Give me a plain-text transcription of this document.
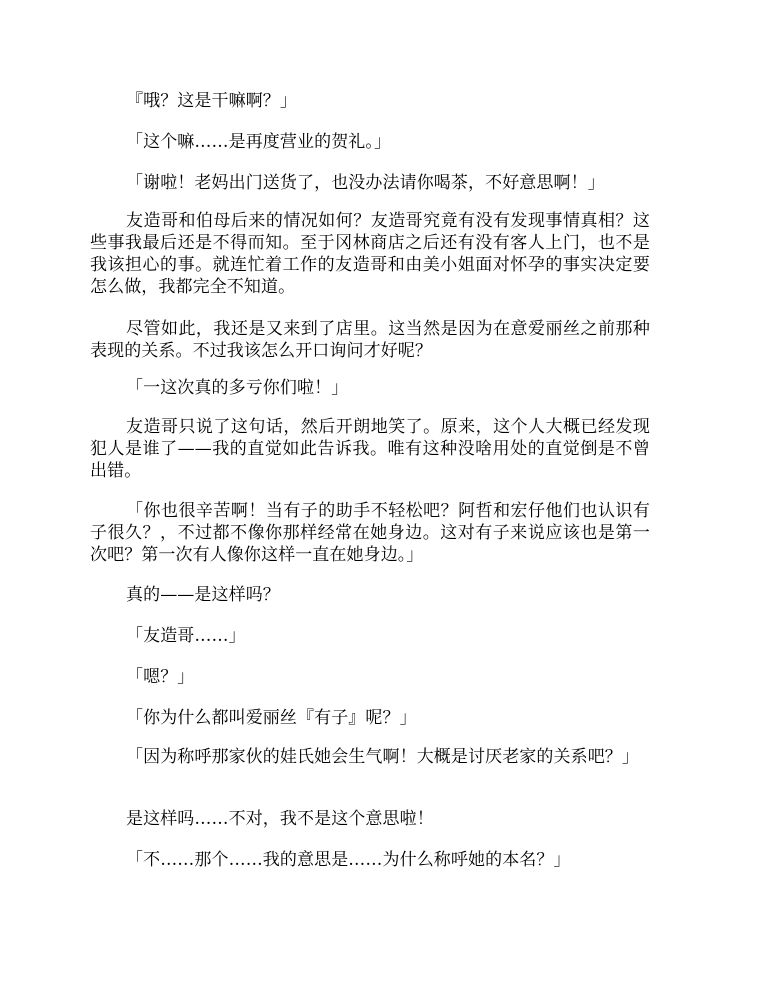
『哦？这是干嘛啊？」

「这个嘛……是再度营业的贺礼。」

「谢啦！老妈出门送货了，也没办法请你喝茶，不好意思啊！」

友造哥和伯母后来的情况如何？友造哥究竟有没有发现事情真相？这些事我最后还是不得而知。至于冈林商店之后还有没有客人上门，也不是我该担心的事。就连忙着工作的友造哥和由美小姐面对怀孕的事实决定要怎么做，我都完全不知道。

尽管如此，我还是又来到了店里。这当然是因为在意爱丽丝之前那种表现的关系。不过我该怎么开口询问才好呢？

「一这次真的多亏你们啦！」

友造哥只说了这句话，然后开朗地笑了。原来，这个人大概已经发现犯人是谁了——我的直觉如此告诉我。唯有这种没啥用处的直觉倒是不曾出错。

「你也很辛苦啊！当有子的助手不轻松吧？阿哲和宏仔他们也认识有子很久？，不过都不像你那样经常在她身边。这对有子来说应该也是第一次吧？第一次有人像你这样一直在她身边。」

真的——是这样吗？

「友造哥……」

「嗯？」

「你为什么都叫爱丽丝『有子』呢？」

「因为称呼那家伙的娃氏她会生气啊！大概是讨厌老家的关系吧？」

是这样吗……不对，我不是这个意思啦！

「不……那个……我的意思是……为什么称呼她的本名？」
